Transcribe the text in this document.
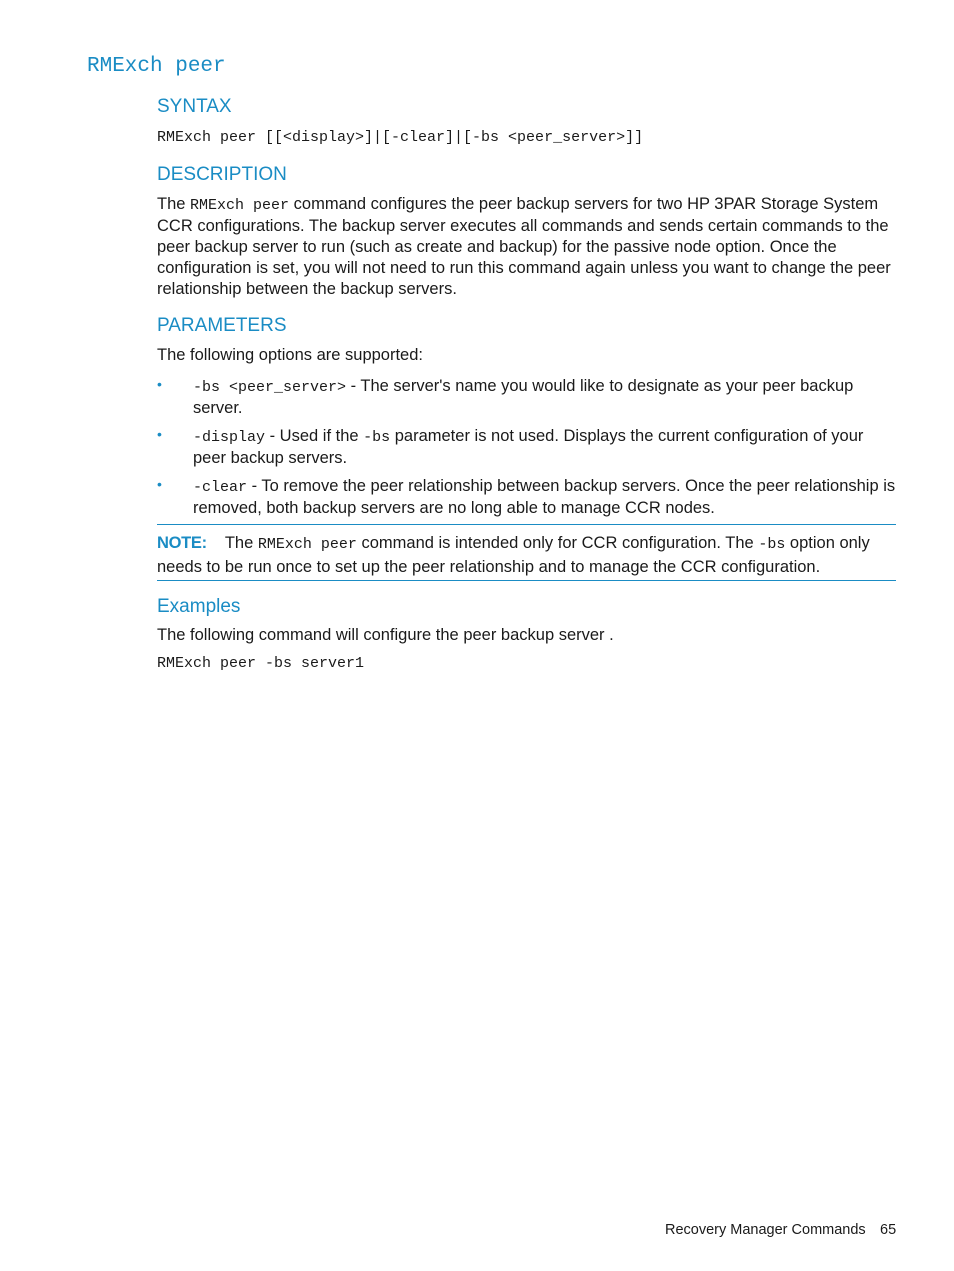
RMExch peer
SYNTAX
RMExch peer [[<display>]|[-clear]|[-bs <peer_server>]]
DESCRIPTION
The RMExch peer command configures the peer backup servers for two HP 3PAR Storage System CCR configurations. The backup server executes all commands and sends certain commands to the peer backup server to run (such as create and backup) for the passive node option. Once the configuration is set, you will not need to run this command again unless you want to change the peer relationship between the backup servers.
PARAMETERS
The following options are supported:
• -bs <peer_server> - The server's name you would like to designate as your peer backup server.
• -display - Used if the -bs parameter is not used. Displays the current configuration of your peer backup servers.
• -clear - To remove the peer relationship between backup servers. Once the peer relationship is removed, both backup servers are no long able to manage CCR nodes.
NOTE: The RMExch peer command is intended only for CCR configuration. The -bs option only needs to be run once to set up the peer relationship and to manage the CCR configuration.
Examples
The following command will configure the peer backup server .
RMExch peer -bs server1
Recovery Manager Commands 65
